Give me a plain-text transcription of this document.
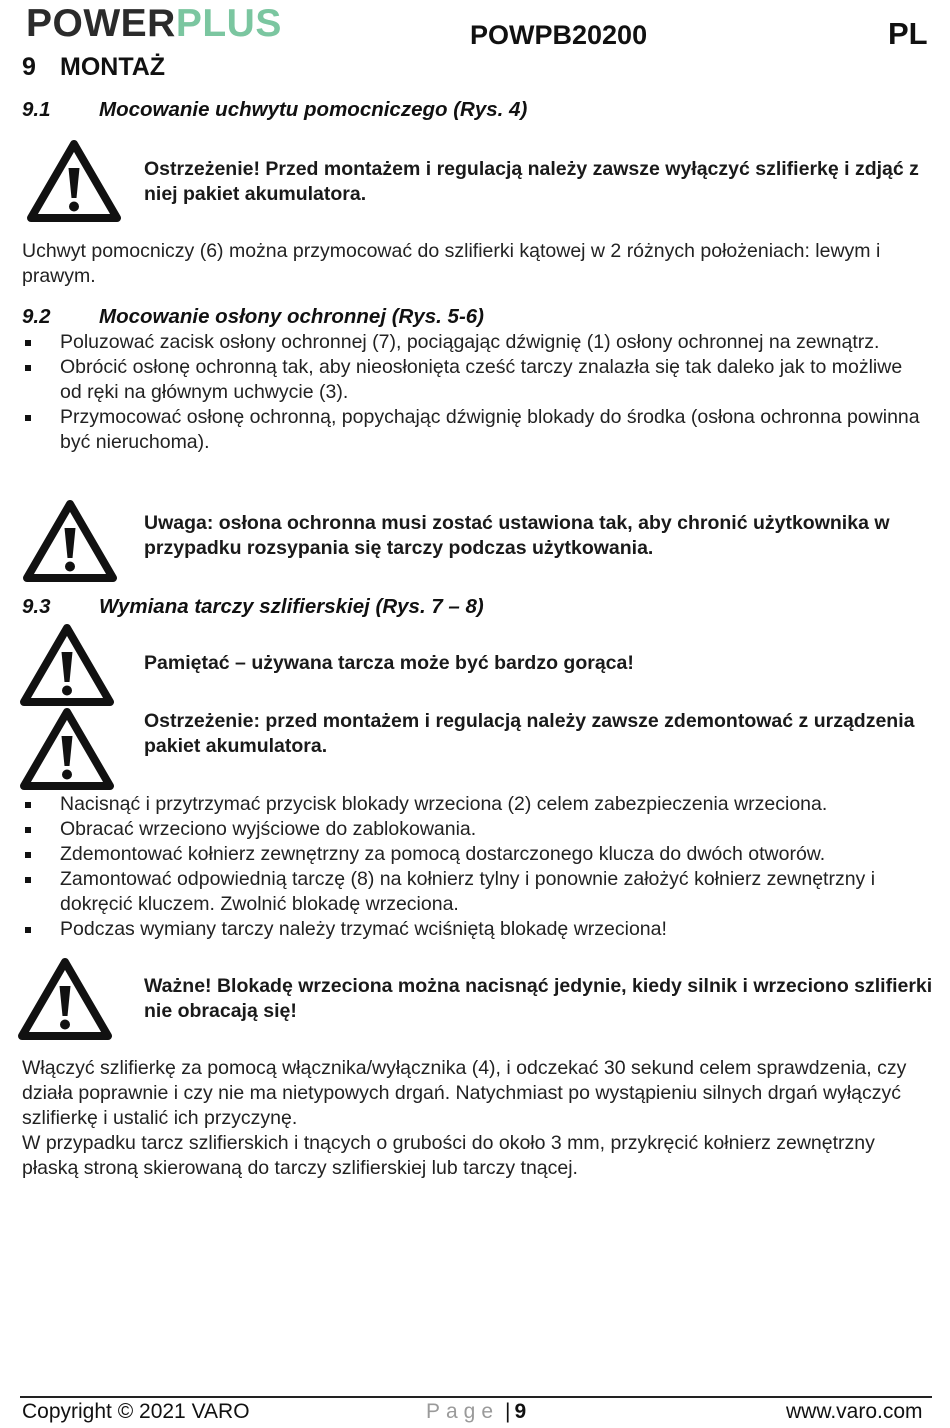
POWERPLUS	POWPB20200	PL
9 MONTAŻ
9.1 Mocowanie uchwytu pomocniczego (Rys. 4)
Ostrzeżenie! Przed montażem i regulacją należy zawsze wyłączyć szlifierkę i zdjąć z niej pakiet akumulatora.
Uchwyt pomocniczy (6) można przymocować do szlifierki kątowej w 2 różnych położeniach: lewym i prawym.
9.2 Mocowanie osłony ochronnej (Rys. 5-6)
Poluzować zacisk osłony ochronnej (7), pociągając dźwignię (1) osłony ochronnej na zewnątrz.
Obrócić osłonę ochronną tak, aby nieosłonięta cześć tarczy znalazła się tak daleko jak to możliwe od ręki na głównym uchwycie (3).
Przymocować osłonę ochronną, popychając dźwignię blokady do środka (osłona ochronna powinna być nieruchoma).
Uwaga: osłona ochronna musi zostać ustawiona tak, aby chronić użytkownika w przypadku rozsypania się tarczy podczas użytkowania.
9.3 Wymiana tarczy szlifierskiej (Rys. 7 – 8)
Pamiętać – używana tarcza może być bardzo gorąca!
Ostrzeżenie: przed montażem i regulacją należy zawsze zdemontować z urządzenia pakiet akumulatora.
Nacisnąć i przytrzymać przycisk blokady wrzeciona (2) celem zabezpieczenia wrzeciona.
Obracać wrzeciono wyjściowe do zablokowania.
Zdemontować kołnierz zewnętrzny za pomocą dostarczonego klucza do dwóch otworów.
Zamontować odpowiednią tarczę (8) na kołnierz tylny i ponownie założyć kołnierz zewnętrzny i dokręcić kluczem. Zwolnić blokadę wrzeciona.
Podczas wymiany tarczy należy trzymać wciśniętą blokadę wrzeciona!
Ważne! Blokadę wrzeciona można nacisnąć jedynie, kiedy silnik i wrzeciono szlifierki nie obracają się!
Włączyć szlifierkę za pomocą włącznika/wyłącznika (4), i odczekać 30 sekund celem sprawdzenia, czy działa poprawnie i czy nie ma nietypowych drgań. Natychmiast po wystąpieniu silnych drgań wyłączyć szlifierkę i ustalić ich przyczynę.
W przypadku tarcz szlifierskich i tnących o grubości do około 3 mm, przykręcić kołnierz zewnętrzny płaską stroną skierowaną do tarczy szlifierskiej lub tarczy tnącej.
Copyright © 2021 VARO	Page | 9	www.varo.com
